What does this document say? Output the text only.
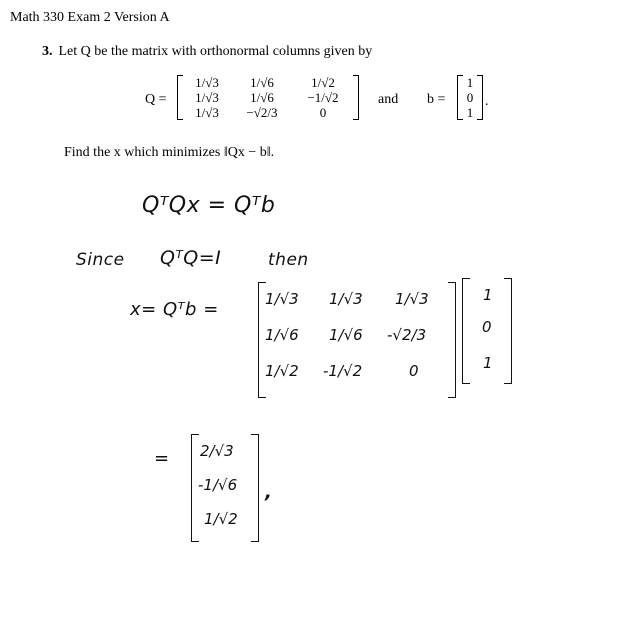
Math 330 Exam 2 Version A
3. Let Q be the matrix with orthonormal columns given by
Q =
1/√3	1/√6	1/√2
1/√3	1/√6	−1/√2
1/√3	−√2/3	0
and b =
1
0
1
.
Find the x which minimizes ‖Qx − b‖.
QᵀQx = Qᵀb
Since QᵀQ=I	then
x= Qᵀb =	1/√3 1/√3 1/√3
1/√6 1/√6 -√2/3
1/√2 -1/√2	0
1
0
1
= 2/√3
-1/√6
1/√2
,
